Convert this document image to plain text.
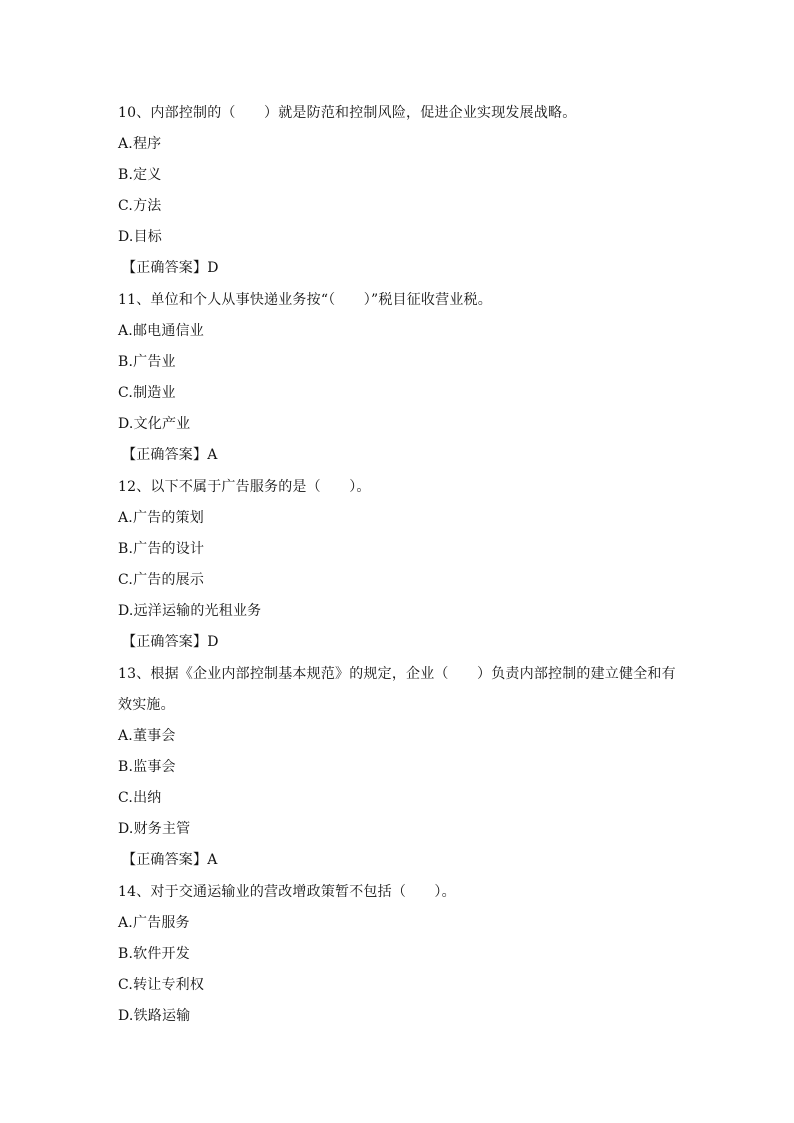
10、内部控制的（　　）就是防范和控制风险，促进企业实现发展战略。
A.程序
B.定义
C.方法
D.目标
【正确答案】D
11、单位和个人从事快递业务按“（　　）”税目征收营业税。
A.邮电通信业
B.广告业
C.制造业
D.文化产业
【正确答案】A
12、以下不属于广告服务的是（　　）。
A.广告的策划
B.广告的设计
C.广告的展示
D.远洋运输的光租业务
【正确答案】D
13、根据《企业内部控制基本规范》的规定，企业（　　）负责内部控制的建立健全和有
效实施。
A.董事会
B.监事会
C.出纳
D.财务主管
【正确答案】A
14、对于交通运输业的营改增政策暂不包括（　　）。
A.广告服务
B.软件开发
C.转让专利权
D.铁路运输
